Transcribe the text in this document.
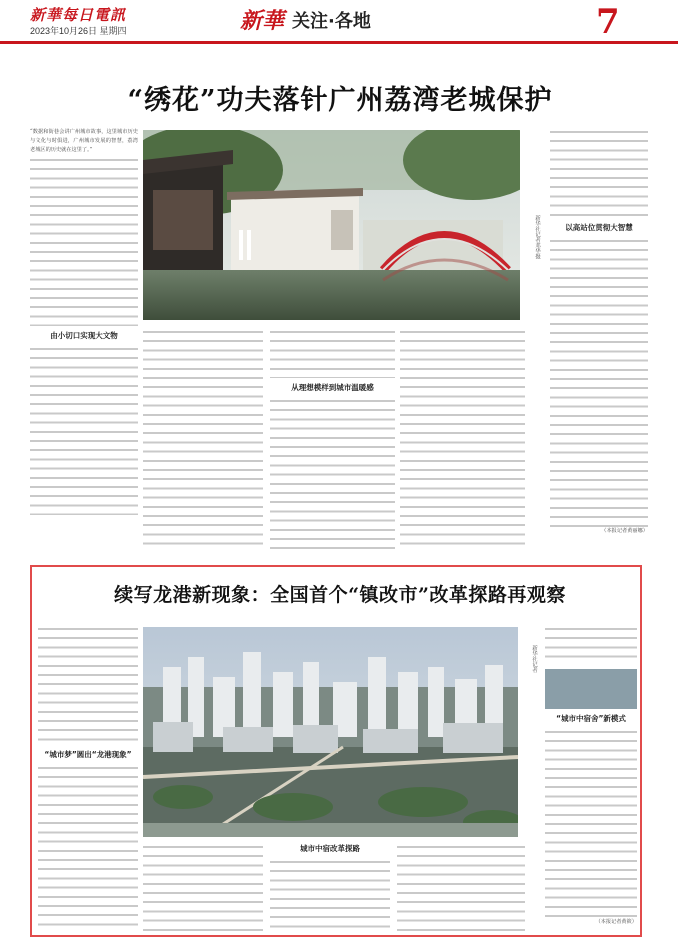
新華每日電訊
2023年10月26日 星期四	新華 关注·各地	7
“绣花”功夫落针广州荔湾老城保护

“数据和街巷会讲广州城市故事，这里城市历史与文化与时俱进，广州城市发展的智慧，荔湾老城区的历史就在这里了。”

由小切口实现大文物
新华社记者邓华摄
从理想模样到城市温暖感
以高站位贯彻大智慧
（本报记者黄丽娜）
续写龙港新现象：全国首个“镇改市”改革探路再观察
“城市梦”圆出“龙港现象”
新华社记者
城市中宿改革探路
“城市中宿舍”新模式
（本报记者黄筱）
